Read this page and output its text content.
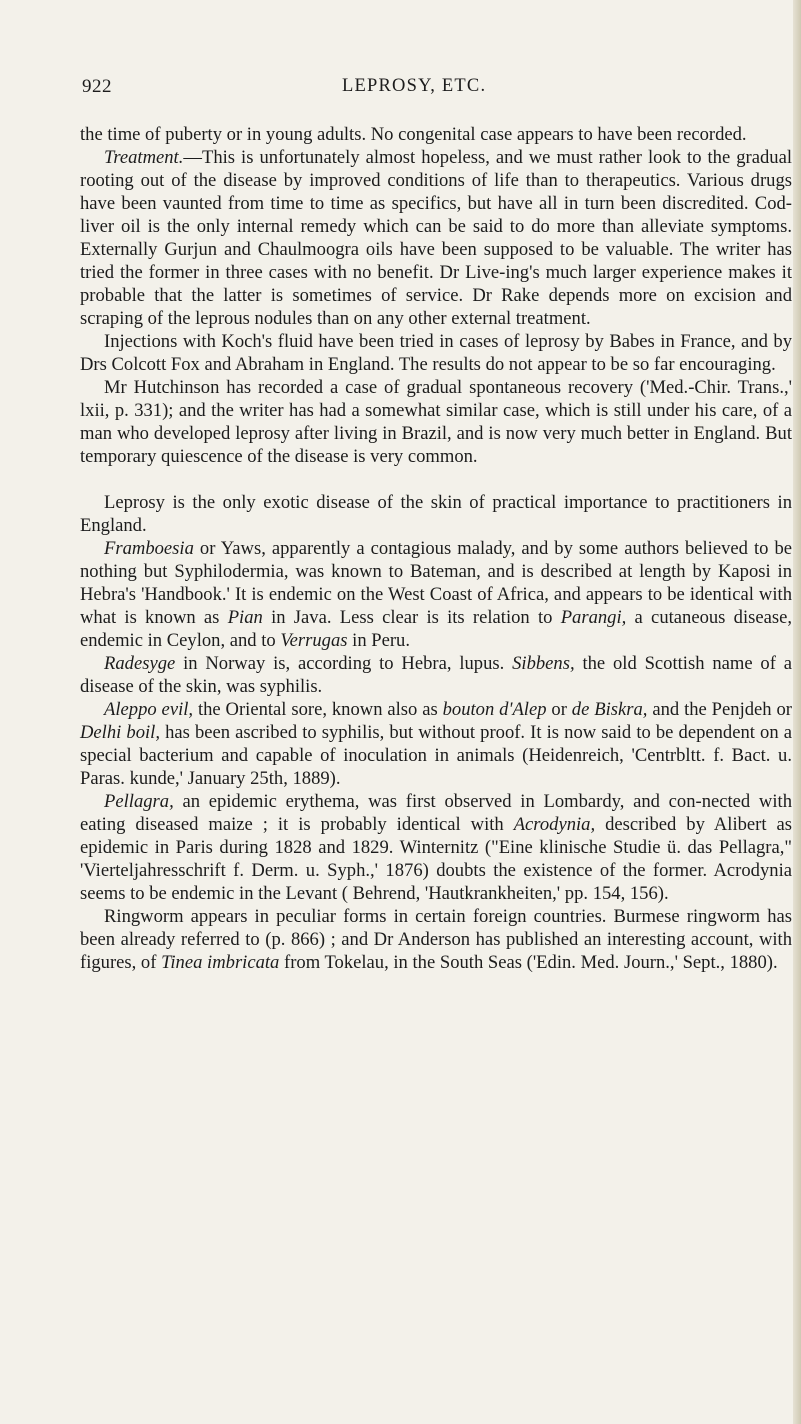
922	LEPROSY, ETC.

the time of puberty or in young adults. No congenital case appears to have been recorded.

Treatment.—This is unfortunately almost hopeless, and we must rather look to the gradual rooting out of the disease by improved conditions of life than to therapeutics. Various drugs have been vaunted from time to time as specifics, but have all in turn been discredited. Cod-liver oil is the only internal remedy which can be said to do more than alleviate symptoms. Externally Gurjun and Chaulmoogra oils have been supposed to be valuable. The writer has tried the former in three cases with no benefit. Dr Live-ing's much larger experience makes it probable that the latter is sometimes of service. Dr Rake depends more on excision and scraping of the leprous nodules than on any other external treatment.

Injections with Koch's fluid have been tried in cases of leprosy by Babes in France, and by Drs Colcott Fox and Abraham in England. The results do not appear to be so far encouraging.

Mr Hutchinson has recorded a case of gradual spontaneous recovery ('Med.-Chir. Trans.,' lxii, p. 331); and the writer has had a somewhat similar case, which is still under his care, of a man who developed leprosy after living in Brazil, and is now very much better in England. But temporary quiescence of the disease is very common.

Leprosy is the only exotic disease of the skin of practical importance to practitioners in England.

Framboesia or Yaws, apparently a contagious malady, and by some authors believed to be nothing but Syphilodermia, was known to Bateman, and is described at length by Kaposi in Hebra's 'Handbook.' It is endemic on the West Coast of Africa, and appears to be identical with what is known as Pian in Java. Less clear is its relation to Parangi, a cutaneous disease, endemic in Ceylon, and to Verrugas in Peru.

Radesyge in Norway is, according to Hebra, lupus. Sibbens, the old Scottish name of a disease of the skin, was syphilis.

Aleppo evil, the Oriental sore, known also as bouton d'Alep or de Biskra, and the Penjdeh or Delhi boil, has been ascribed to syphilis, but without proof. It is now said to be dependent on a special bacterium and capable of inoculation in animals (Heidenreich, 'Centrbltt. f. Bact. u. Paras. kunde,' January 25th, 1889).

Pellagra, an epidemic erythema, was first observed in Lombardy, and con-nected with eating diseased maize ; it is probably identical with Acrodynia, described by Alibert as epidemic in Paris during 1828 and 1829. Winternitz ("Eine klinische Studie ü. das Pellagra," 'Vierteljahresschrift f. Derm. u. Syph.,' 1876) doubts the existence of the former. Acrodynia seems to be endemic in the Levant ( Behrend, 'Hautkrankheiten,' pp. 154, 156).

Ringworm appears in peculiar forms in certain foreign countries. Burmese ringworm has been already referred to (p. 866) ; and Dr Anderson has published an interesting account, with figures, of Tinea imbricata from Tokelau, in the South Seas ('Edin. Med. Journ.,' Sept., 1880).
